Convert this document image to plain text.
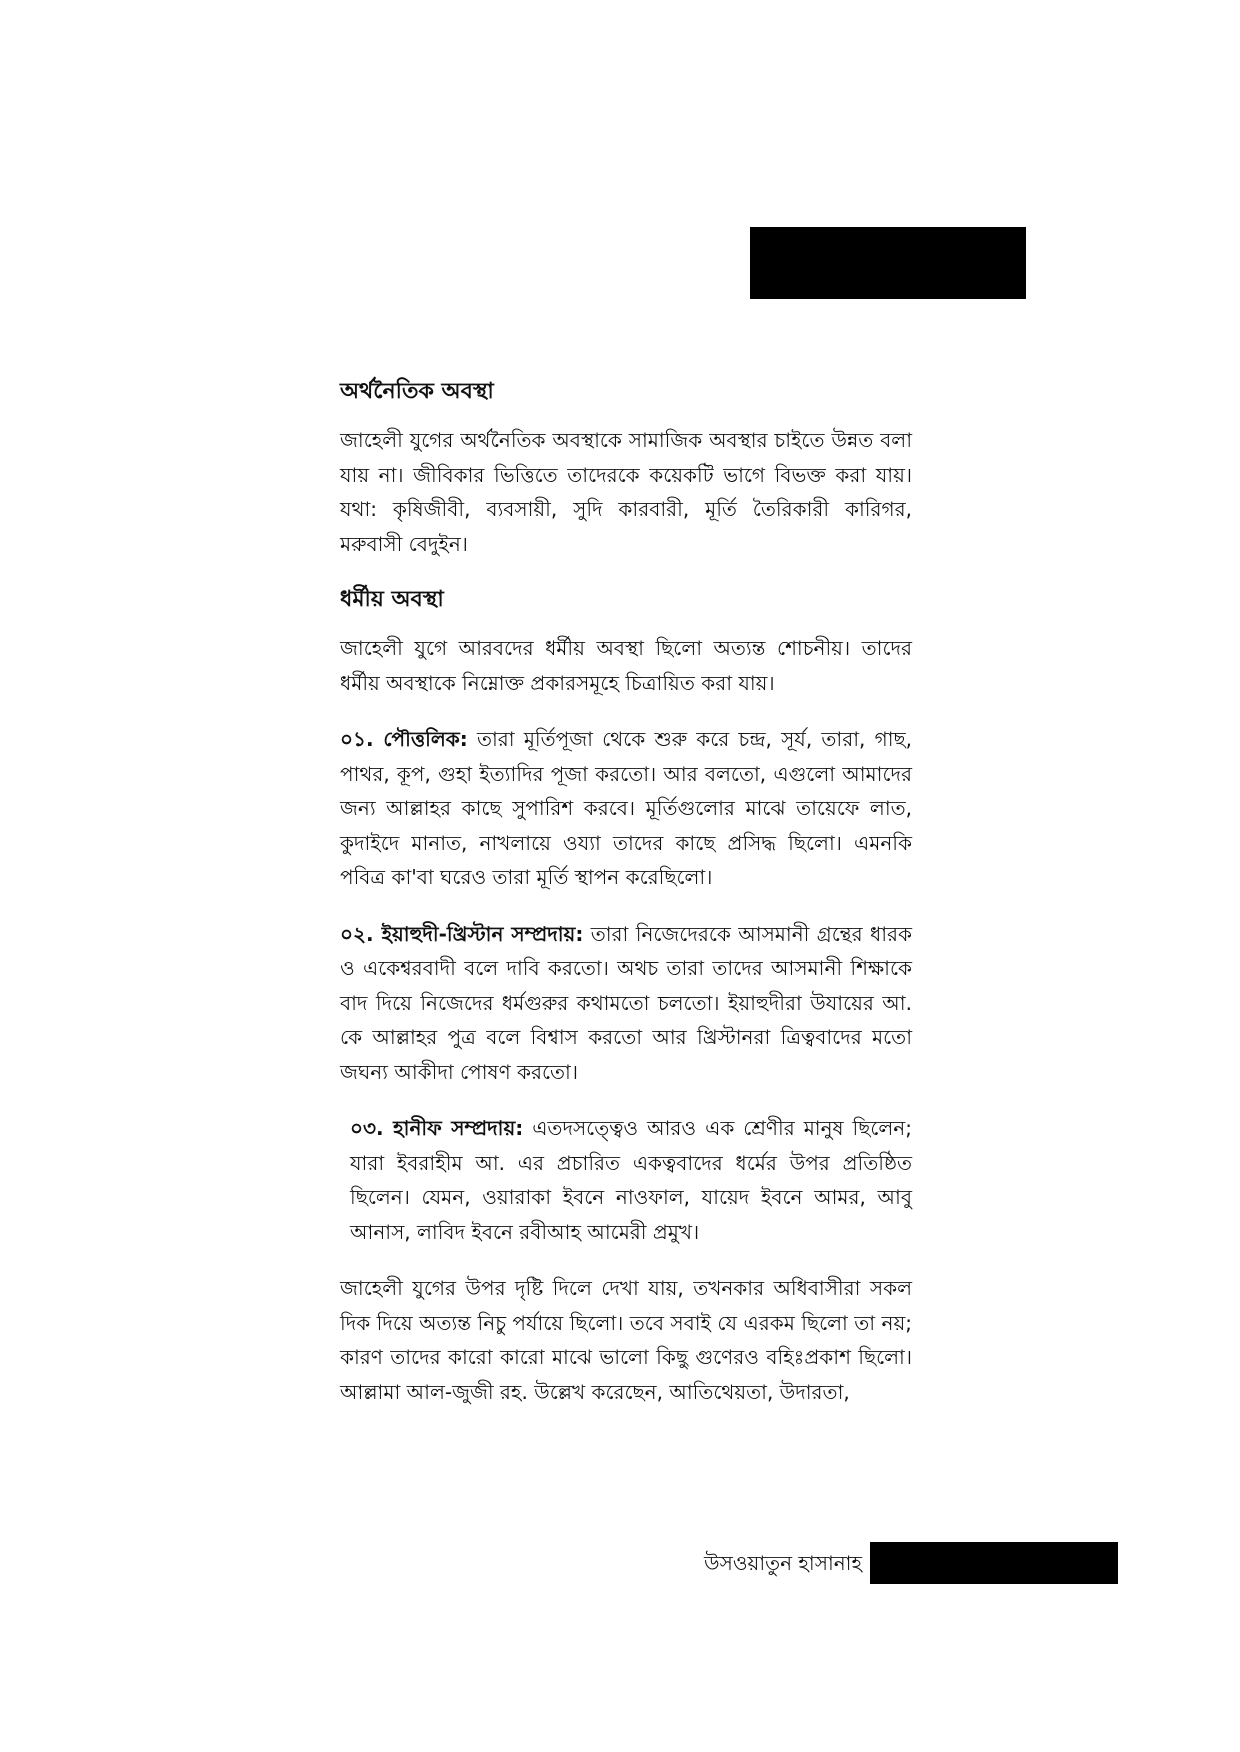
অর্থনৈতিক অবস্থা

জাহেলী যুগের অর্থনৈতিক অবস্থাকে সামাজিক অবস্থার চাইতে উন্নত বলা যায় না। জীবিকার ভিত্তিতে তাদেরকে কয়েকটি ভাগে বিভক্ত করা যায়। যথা: কৃষিজীবী, ব্যবসায়ী, সুদি কারবারী, মূর্তি তৈরিকারী কারিগর, মরুবাসী বেদুইন।

ধর্মীয় অবস্থা

জাহেলী যুগে আরবদের ধর্মীয় অবস্থা ছিলো অত্যন্ত শোচনীয়। তাদের ধর্মীয় অবস্থাকে নিম্নোক্ত প্রকারসমূহে চিত্রায়িত করা যায়।

০১. পৌত্তলিক: তারা মূর্তিপূজা থেকে শুরু করে চন্দ্র, সূর্য, তারা, গাছ, পাথর, কূপ, গুহা ইত্যাদির পূজা করতো। আর বলতো, এগুলো আমাদের জন্য আল্লাহর কাছে সুপারিশ করবে। মূর্তিগুলোর মাঝে তায়েফে লাত, কুদাইদে মানাত, নাখলায়ে ওয্যা তাদের কাছে প্রসিদ্ধ ছিলো। এমনকি পবিত্র কা'বা ঘরেও তারা মূর্তি স্থাপন করেছিলো।

০২. ইয়াহুদী-খ্রিস্টান সম্প্রদায়: তারা নিজেদেরকে আসমানী গ্রন্থের ধারক ও একেশ্বরবাদী বলে দাবি করতো। অথচ তারা তাদের আসমানী শিক্ষাকে বাদ দিয়ে নিজেদের ধর্মগুরুর কথামতো চলতো। ইয়াহুদীরা উযায়ের আ. কে আল্লাহর পুত্র বলে বিশ্বাস করতো আর খ্রিস্টানরা ত্রিত্ববাদের মতো জঘন্য আকীদা পোষণ করতো।

০৩. হানীফ সম্প্রদায়: এতদসত্ত্বেও আরও এক শ্রেণীর মানুষ ছিলেন; যারা ইবরাহীম আ. এর প্রচারিত একত্ববাদের ধর্মের উপর প্রতিষ্ঠিত ছিলেন। যেমন, ওয়ারাকা ইবনে নাওফাল, যায়েদ ইবনে আমর, আবু আনাস, লাবিদ ইবনে রবীআহ আমেরী প্রমুখ।

জাহেলী যুগের উপর দৃষ্টি দিলে দেখা যায়, তখনকার অধিবাসীরা সকল দিক দিয়ে অত্যন্ত নিচু পর্যায়ে ছিলো। তবে সবাই যে এরকম ছিলো তা নয়; কারণ তাদের কারো কারো মাঝে ভালো কিছু গুণেরও বহিঃপ্রকাশ ছিলো। আল্লামা আল-জুজী রহ. উল্লেখ করেছেন, আতিথেয়তা, উদারতা,

উসওয়াতুন হাসানাহ
